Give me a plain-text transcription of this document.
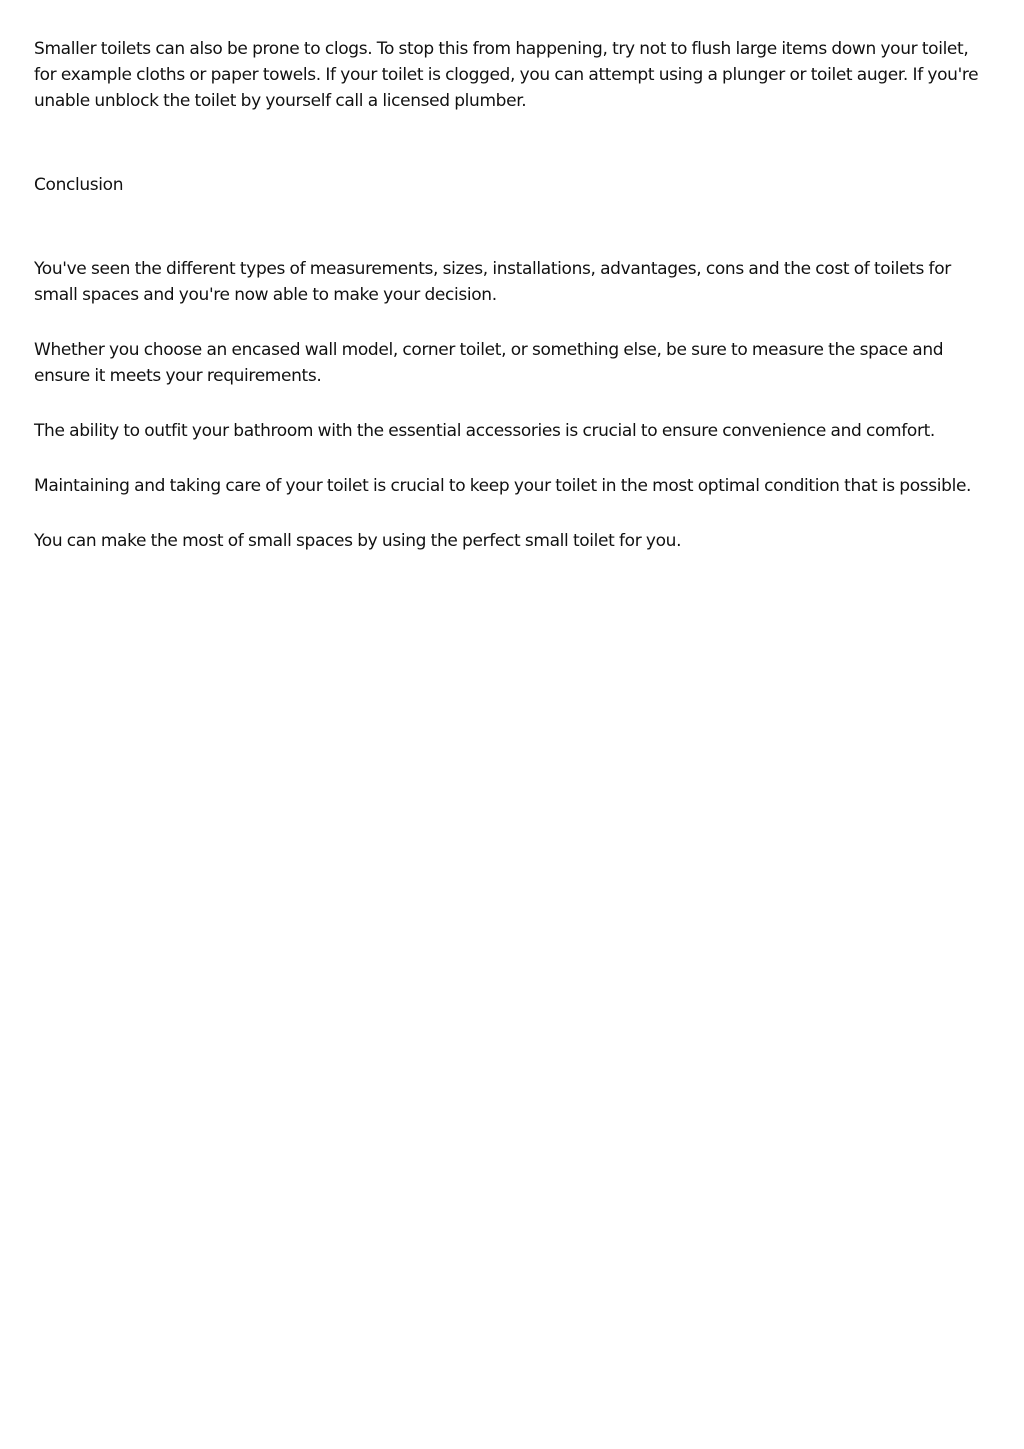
Smaller toilets can also be prone to clogs. To stop this from happening, try not to flush large items down your toilet, for example cloths or paper towels. If your toilet is clogged, you can attempt using a plunger or toilet auger. If you're unable unblock the toilet by yourself call a licensed plumber.

Conclusion

You've seen the different types of measurements, sizes, installations, advantages, cons and the cost of toilets for small spaces and you're now able to make your decision.

Whether you choose an encased wall model, corner toilet, or something else, be sure to measure the space and ensure it meets your requirements.

The ability to outfit your bathroom with the essential accessories is crucial to ensure convenience and comfort.

Maintaining and taking care of your toilet is crucial to keep your toilet in the most optimal condition that is possible.

You can make the most of small spaces by using the perfect small toilet for you.
